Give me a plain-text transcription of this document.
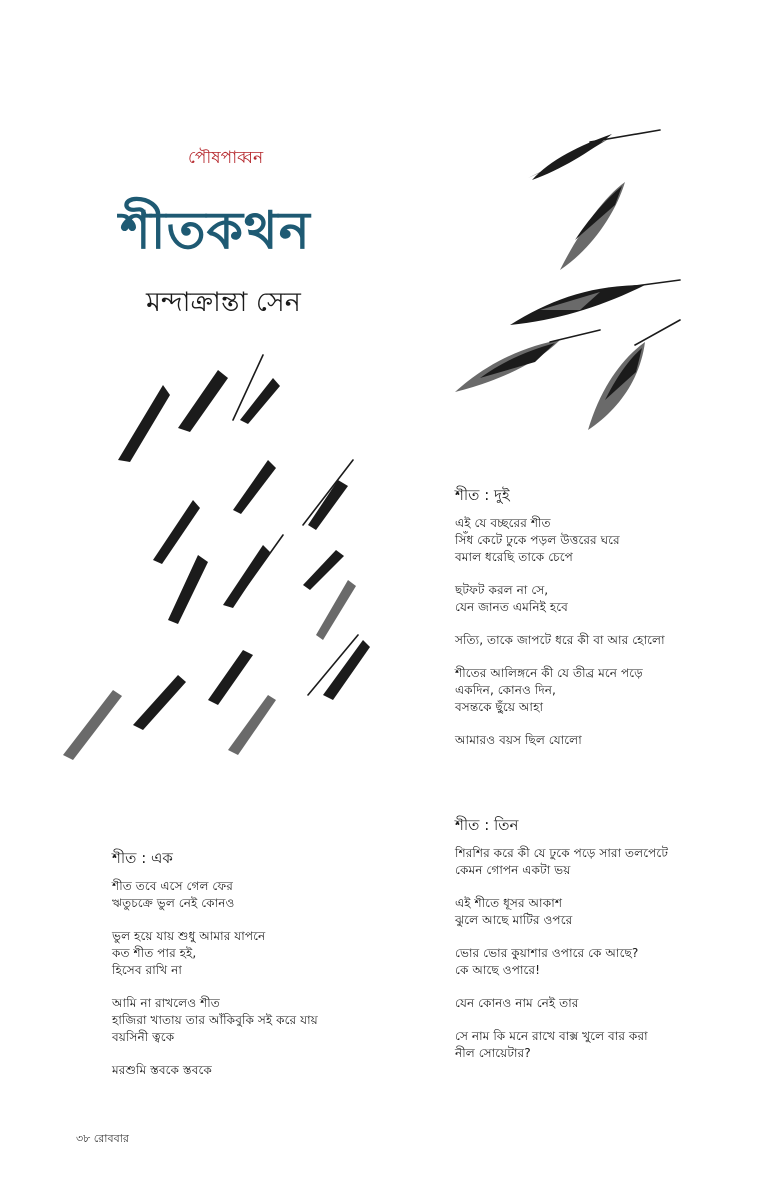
পৌষপাব্বন
শীতকথন
মন্দাক্রান্তা সেন
শীত : দুই
এই যে বচ্ছরের শীত
সিঁধ কেটে ঢুকে পড়ল উত্তরের ঘরে
বমাল ধরেছি তাকে চেপে
ছটফট করল না সে,
যেন জানত এমনিই হবে
সত্যি, তাকে জাপটে ধরে কী বা আর হোলো
শীতের আলিঙ্গনে কী যে তীব্র মনে পড়ে
একদিন, কোনও দিন,
বসন্তকে ছুঁয়ে আহা
আমারও বয়স ছিল যোলো
শীত : এক
শীত তবে এসে গেল ফের
ঋতুচক্রে ভুল নেই কোনও
ভুল হয়ে যায় শুধু আমার যাপনে
কত শীত পার হই,
হিসেব রাখি না
আমি না রাখলেও শীত
হাজিরা খাতায় তার আঁকিবুকি সই করে যায়
বয়সিনী ত্বকে
মরশুমি স্তবকে স্তবকে
শীত : তিন
শিরশির করে কী যে ঢুকে পড়ে সারা তলপেটে
কেমন গোপন একটা ভয়
এই শীতে ধূসর আকাশ
ঝুলে আছে মাটির ওপরে
ভোর ভোর কুয়াশার ওপারে কে আছে?
কে আছে ওপারে!
যেন কোনও নাম নেই তার
সে নাম কি মনে রাখে বাক্স খুলে বার করা
নীল সোয়েটার?
৩৮ রোববার
